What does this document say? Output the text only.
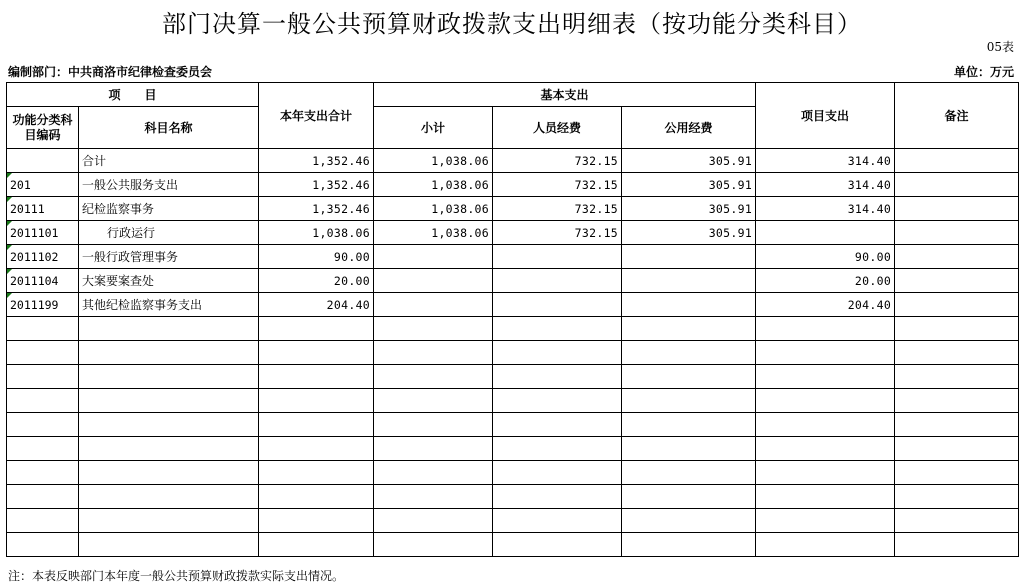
部门决算一般公共预算财政拨款支出明细表（按功能分类科目）
05表
编制部门：中共商洛市纪律检查委员会	单位：万元
项　　目		本年支出合计	基本支出			项目支出	备注
功能分类科目编码	科目名称		小计	人员经费	公用经费		
	合计	1,352.46	1,038.06	732.15	305.91	314.40	

201	一般公共服务支出	1,352.46	1,038.06	732.15	305.91	314.40	

20111	纪检监察事务	1,352.46	1,038.06	732.15	305.91	314.40	

2011101	行政运行	1,038.06	1,038.06	732.15	305.91		

2011102	一般行政管理事务	90.00				90.00	

2011104	大案要案查处	20.00				20.00	

2011199	其他纪检监察事务支出	204.40				204.40	

注：本表反映部门本年度一般公共预算财政拨款实际支出情况。
